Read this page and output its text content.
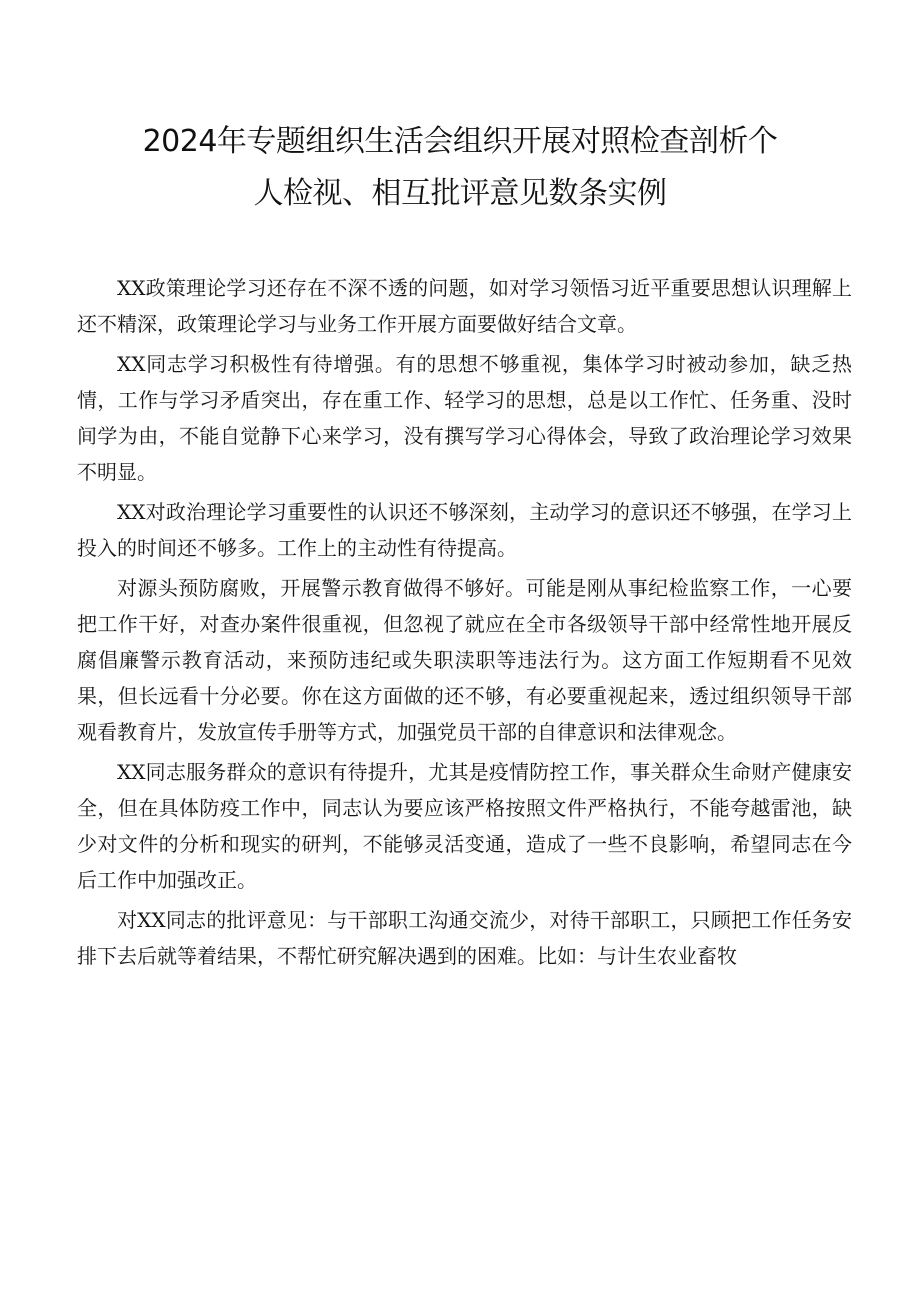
2024年专题组织生活会组织开展对照检查剖析个
人检视、相互批评意见数条实例

XX政策理论学习还存在不深不透的问题，如对学习领悟习近平重要思想认识理解上还不精深，政策理论学习与业务工作开展方面要做好结合文章。

XX同志学习积极性有待增强。有的思想不够重视，集体学习时被动参加，缺乏热情，工作与学习矛盾突出，存在重工作、轻学习的思想，总是以工作忙、任务重、没时间学为由，不能自觉静下心来学习，没有撰写学习心得体会，导致了政治理论学习效果不明显。

XX对政治理论学习重要性的认识还不够深刻，主动学习的意识还不够强，在学习上投入的时间还不够多。工作上的主动性有待提高。

对源头预防腐败，开展警示教育做得不够好。可能是刚从事纪检监察工作，一心要把工作干好，对查办案件很重视，但忽视了就应在全市各级领导干部中经常性地开展反腐倡廉警示教育活动，来预防违纪或失职渎职等违法行为。这方面工作短期看不见效果，但长远看十分必要。你在这方面做的还不够，有必要重视起来，透过组织领导干部观看教育片，发放宣传手册等方式，加强党员干部的自律意识和法律观念。

XX同志服务群众的意识有待提升，尤其是疫情防控工作，事关群众生命财产健康安全，但在具体防疫工作中，同志认为要应该严格按照文件严格执行，不能夸越雷池，缺少对文件的分析和现实的研判，不能够灵活变通，造成了一些不良影响，希望同志在今后工作中加强改正。

对XX同志的批评意见：与干部职工沟通交流少，对待干部职工，只顾把工作任务安排下去后就等着结果，不帮忙研究解决遇到的困难。比如：与计生农业畜牧
